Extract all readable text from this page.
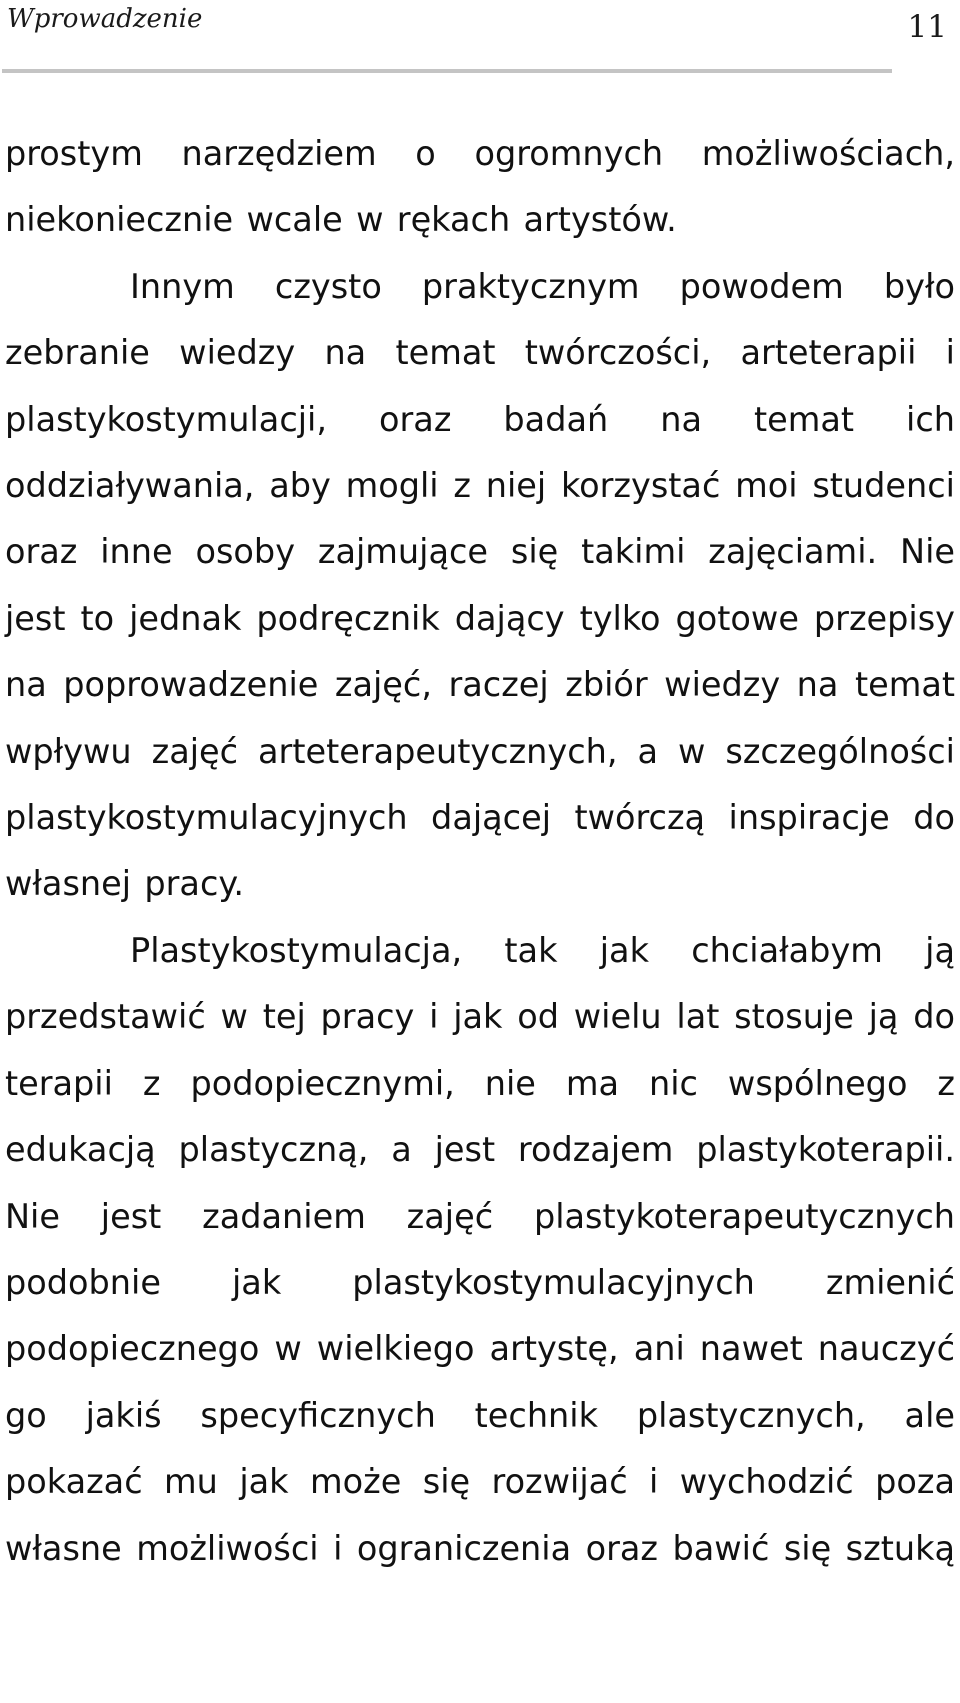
Wprowadzenie	11

prostym narzędziem o ogromnych możliwościach, niekoniecznie wcale w rękach artystów.

Innym czysto praktycznym powodem było zebranie wiedzy na temat twórczości, arteterapii i plastykostymulacji, oraz badań na temat ich oddziaływania, aby mogli z niej korzystać moi studenci oraz inne osoby zajmujące się takimi zajęciami. Nie jest to jednak podręcznik dający tylko gotowe przepisy na poprowadzenie zajęć, raczej zbiór wiedzy na temat wpływu zajęć arteterapeutycznych, a w szczególności plastykostymulacyjnych dającej twórczą inspiracje do własnej pracy.

Plastykostymulacja, tak jak chciałabym ją przedstawić w tej pracy i jak od wielu lat stosuje ją do terapii z podopiecznymi, nie ma nic wspólnego z edukacją plastyczną, a jest rodzajem plastykoterapii. Nie jest zadaniem zajęć plastykoterapeutycznych podobnie jak plastykostymulacyjnych zmienić podopiecznego w wielkiego artystę, ani nawet nauczyć go jakiś specyficznych technik plastycznych, ale pokazać mu jak może się rozwijać i wychodzić poza własne możliwości i ograniczenia oraz bawić się sztuką
